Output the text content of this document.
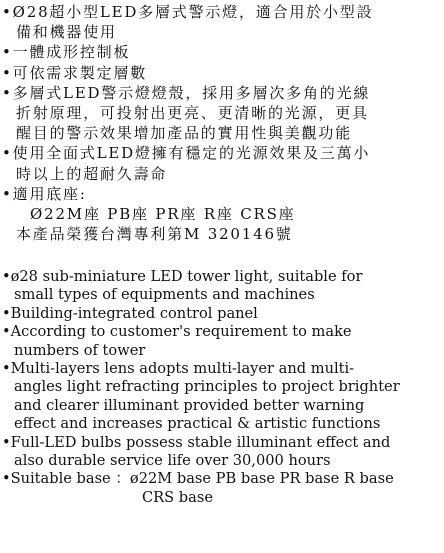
•Ø28超小型LED多層式警示燈，適合用於小型設
備和機器使用
•一體成形控制板
•可依需求製定層數
•多層式LED警示燈燈殼，採用多層次多角的光線
折射原理，可投射出更亮、更清晰的光源，更具
醒目的警示效果增加產品的實用性與美觀功能
•使用全面式LED燈擁有穩定的光源效果及三萬小
時以上的超耐久壽命
•適用底座:
Ø22M座 PB座 PR座 R座 CRS座
本產品榮獲台灣專利第M 320146號
•ø28 sub-miniature LED tower light, suitable for
small types of equipments and machines
•Building-integrated control panel
•According to customer's requirement to make
numbers of tower
•Multi-layers lens adopts multi-layer and multi-
angles light refracting principles to project brighter
and clearer illuminant provided better warning
effect and increases practical & artistic functions
•Full-LED bulbs possess stable illuminant effect and
also durable service life over 30,000 hours
•Suitable base ：ø22M base PB base PR base R base
CRS base
